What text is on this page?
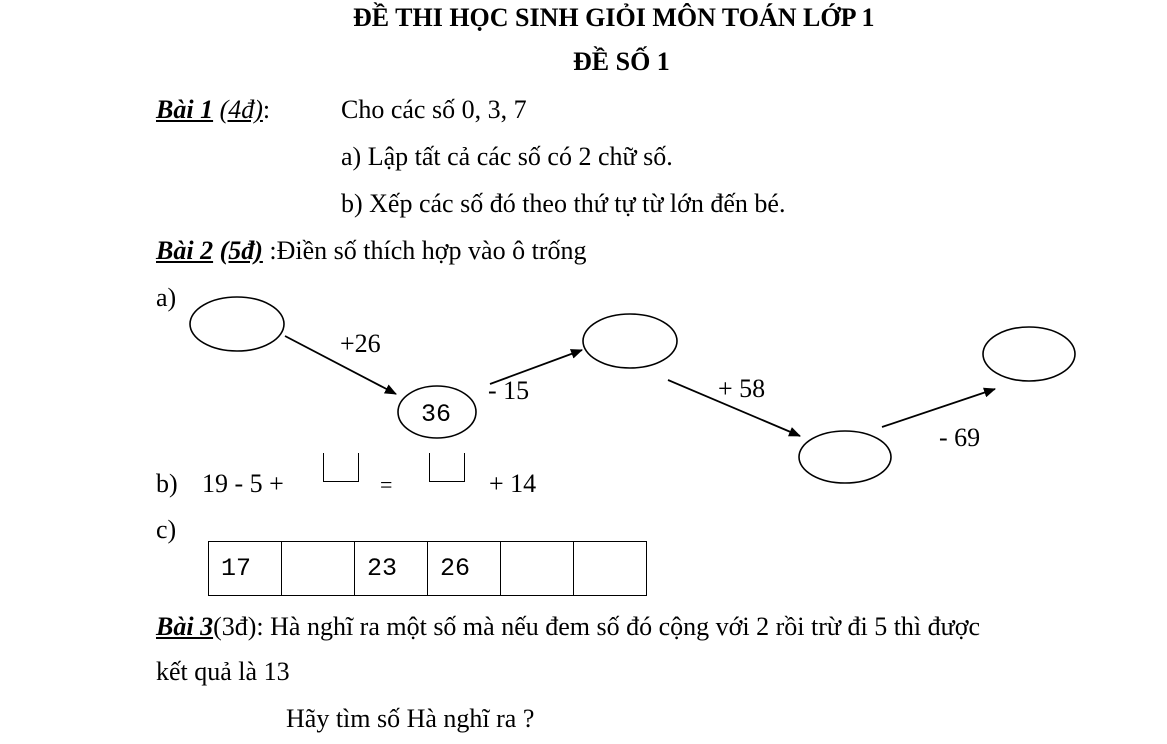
ĐỀ THI HỌC SINH GIỎI MÔN TOÁN LỚP 1
ĐỀ SỐ 1
Bài 1 (4đ):	Cho các số 0, 3, 7
a) Lập tất cả các số có 2 chữ số.
b) Xếp các số đó theo thứ tự từ lớn đến bé.
Bài 2 (5đ) :Điền số thích hợp vào ô trống
a)
+26
36
- 15	+ 58
- 69
b) 19 - 5 +	=	+ 14
c)
17		23	26		
Bài 3(3đ): Hà nghĩ ra một số mà nếu đem số đó cộng với 2 rồi trừ đi 5 thì được
kết quả là 13
Hãy tìm số Hà nghĩ ra ?
